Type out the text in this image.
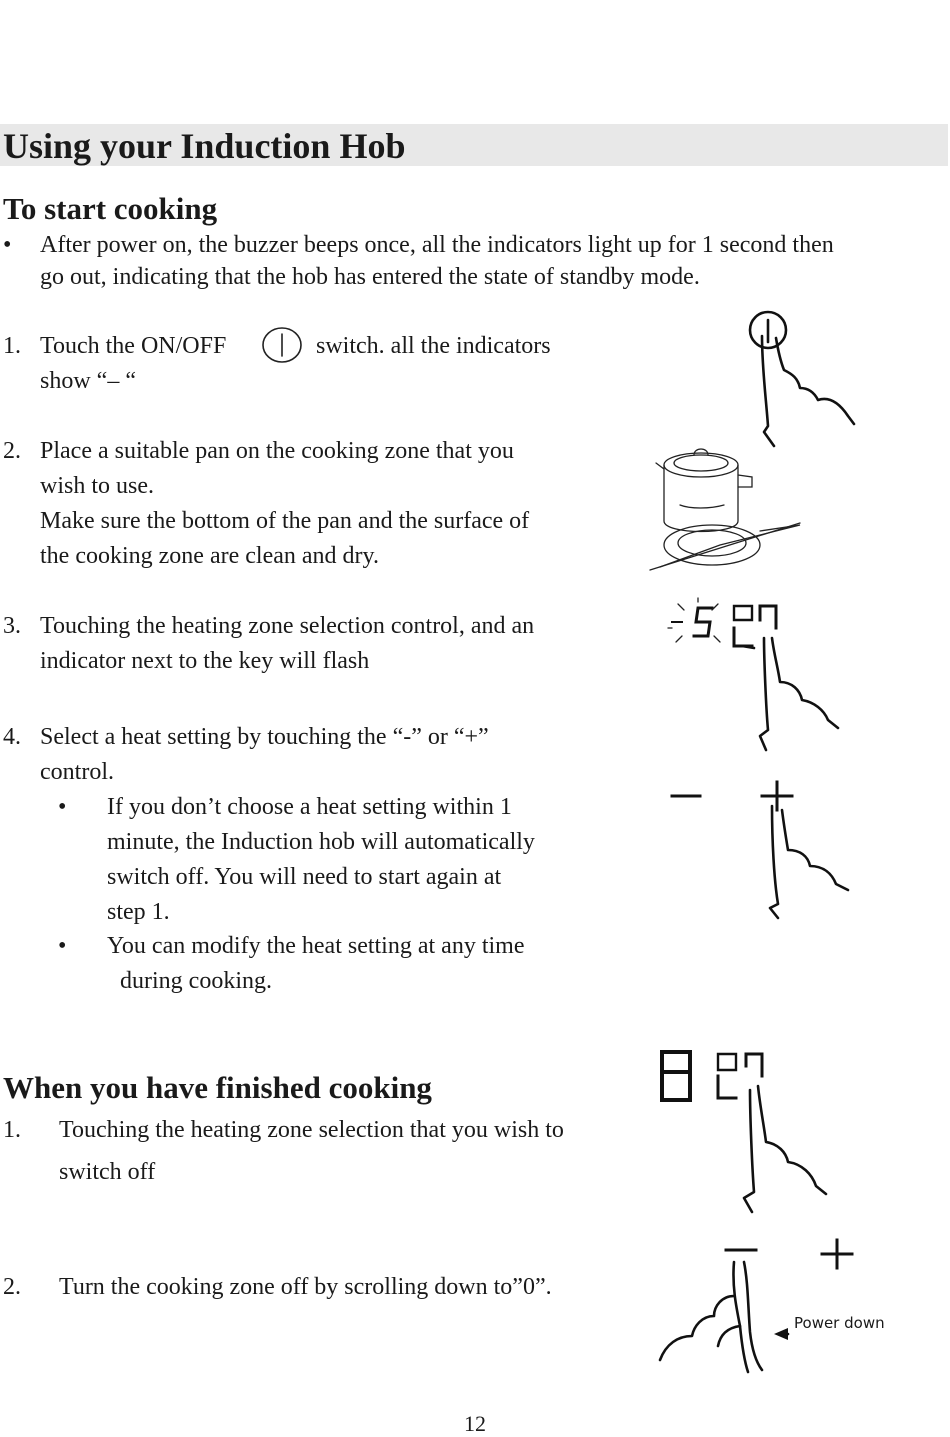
Using your Induction Hob
To start cooking
• After power on, the buzzer beeps once, all the indicators light up for 1 second then
go out, indicating that the hob has entered the state of standby mode.
1. Touch the ON/OFF	switch. all the indicators
show “– “
2. Place a suitable pan on the cooking zone that you
wish to use.
Make sure the bottom of the pan and the surface of
the cooking zone are clean and dry.
3. Touching the heating zone selection control, and an
indicator next to the key will flash
4. Select a heat setting by touching the “-” or “+”
control.
• If you don’t choose a heat setting within 1
minute, the Induction hob will automatically
switch off. You will need to start again at
step 1.
• You can modify the heat setting at any time
during cooking.
When you have finished cooking
1. Touching the heating zone selection that you wish to
switch off
2. Turn the cooking zone off by scrolling down to”0”.
Power down
12
